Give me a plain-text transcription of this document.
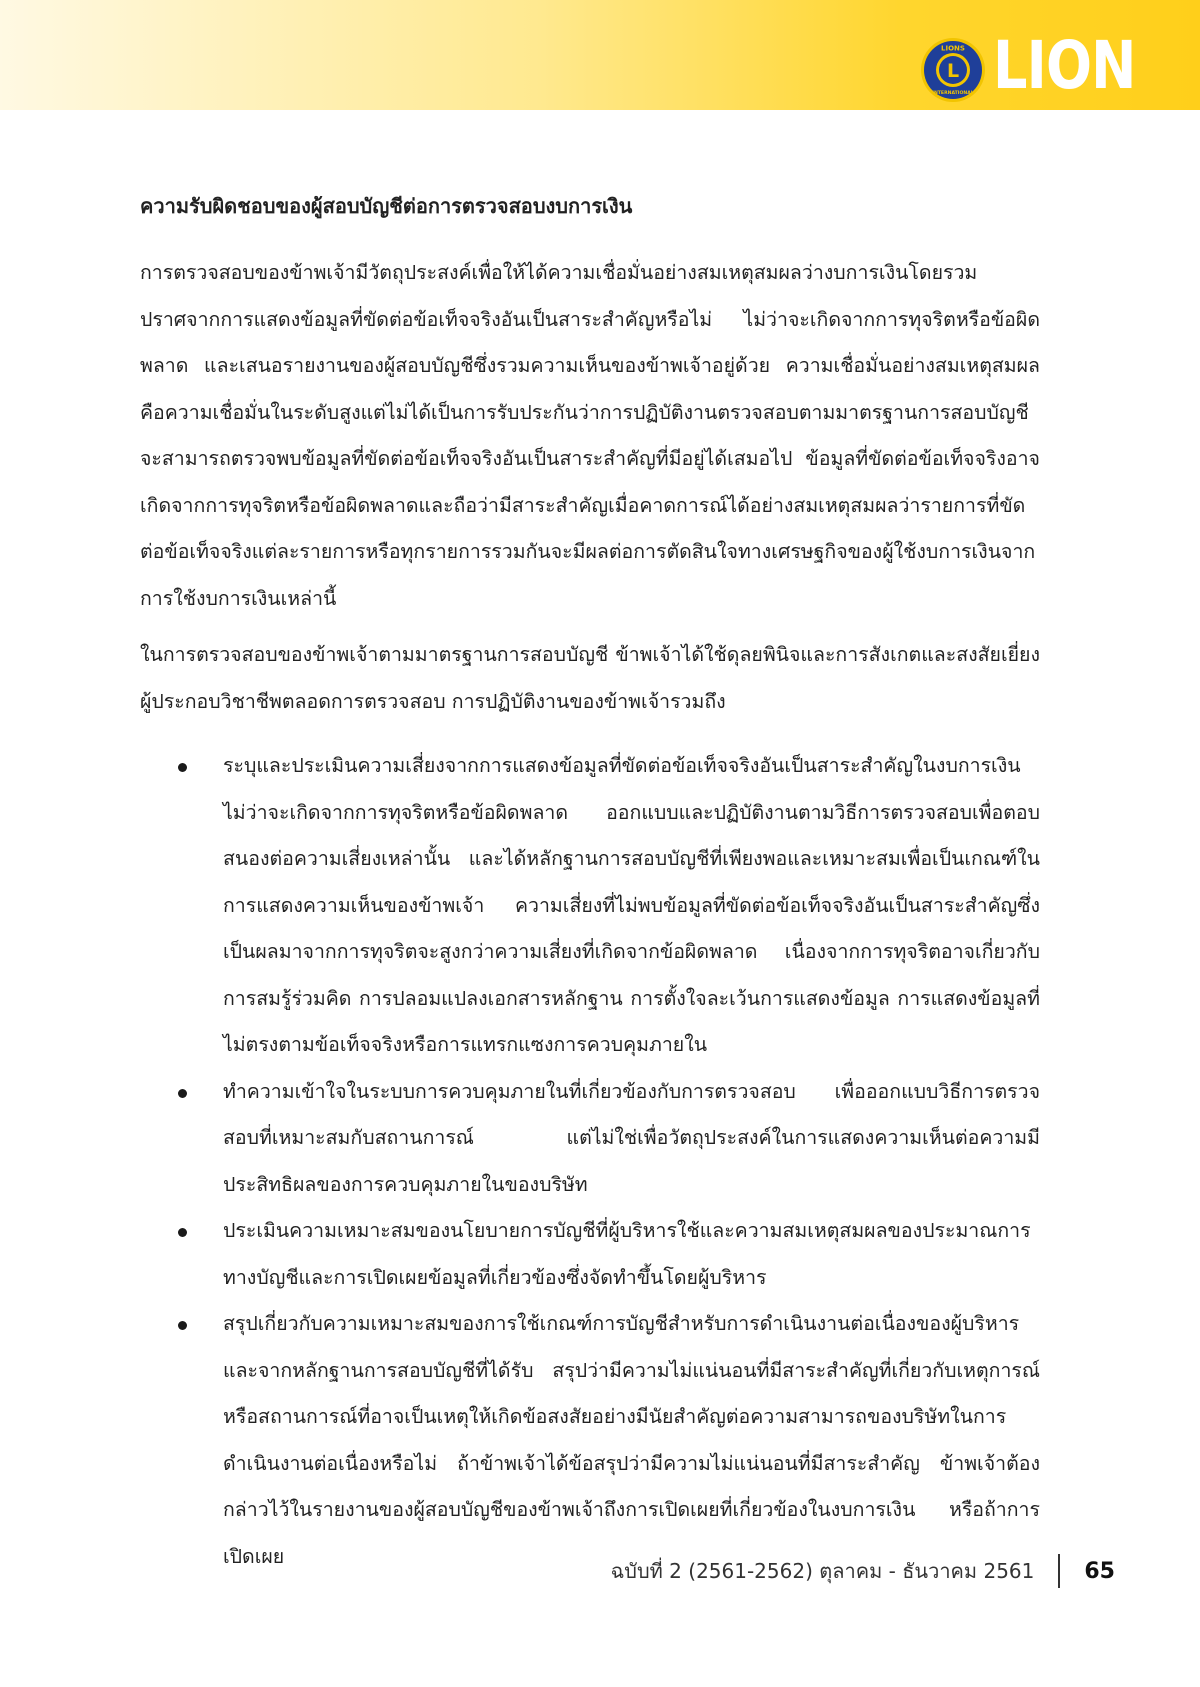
L
LIONS
INTERNATIONAL LION
ความรับผิดชอบของผู้สอบบัญชีต่อการตรวจสอบงบการเงิน

การตรวจสอบของข้าพเจ้ามีวัตถุประสงค์เพื่อให้ได้ความเชื่อมั่นอย่างสมเหตุสมผลว่างบการเงินโดยรวมปราศจากการแสดงข้อมูลที่ขัดต่อข้อเท็จจริงอันเป็นสาระสำคัญหรือไม่ ไม่ว่าจะเกิดจากการทุจริตหรือข้อผิดพลาด และเสนอรายงานของผู้สอบบัญชีซึ่งรวมความเห็นของข้าพเจ้าอยู่ด้วย ความเชื่อมั่นอย่างสมเหตุสมผลคือความเชื่อมั่นในระดับสูงแต่ไม่ได้เป็นการรับประกันว่าการปฏิบัติงานตรวจสอบตามมาตรฐานการสอบบัญชีจะสามารถตรวจพบข้อมูลที่ขัดต่อข้อเท็จจริงอันเป็นสาระสำคัญที่มีอยู่ได้เสมอไป ข้อมูลที่ขัดต่อข้อเท็จจริงอาจเกิดจากการทุจริตหรือข้อผิดพลาดและถือว่ามีสาระสำคัญเมื่อคาดการณ์ได้อย่างสมเหตุสมผลว่ารายการที่ขัดต่อข้อเท็จจริงแต่ละรายการหรือทุกรายการรวมกันจะมีผลต่อการตัดสินใจทางเศรษฐกิจของผู้ใช้งบการเงินจากการใช้งบการเงินเหล่านี้

ในการตรวจสอบของข้าพเจ้าตามมาตรฐานการสอบบัญชี ข้าพเจ้าได้ใช้ดุลยพินิจและการสังเกตและสงสัยเยี่ยงผู้ประกอบวิชาชีพตลอดการตรวจสอบ การปฏิบัติงานของข้าพเจ้ารวมถึง

ระบุและประเมินความเสี่ยงจากการแสดงข้อมูลที่ขัดต่อข้อเท็จจริงอันเป็นสาระสำคัญในงบการเงินไม่ว่าจะเกิดจากการทุจริตหรือข้อผิดพลาด ออกแบบและปฏิบัติงานตามวิธีการตรวจสอบเพื่อตอบสนองต่อความเสี่ยงเหล่านั้น และได้หลักฐานการสอบบัญชีที่เพียงพอและเหมาะสมเพื่อเป็นเกณฑ์ในการแสดงความเห็นของข้าพเจ้า ความเสี่ยงที่ไม่พบข้อมูลที่ขัดต่อข้อเท็จจริงอันเป็นสาระสำคัญซึ่งเป็นผลมาจากการทุจริตจะสูงกว่าความเสี่ยงที่เกิดจากข้อผิดพลาด เนื่องจากการทุจริตอาจเกี่ยวกับการสมรู้ร่วมคิด การปลอมแปลงเอกสารหลักฐาน การตั้งใจละเว้นการแสดงข้อมูล การแสดงข้อมูลที่ไม่ตรงตามข้อเท็จจริงหรือการแทรกแซงการควบคุมภายใน
ทำความเข้าใจในระบบการควบคุมภายในที่เกี่ยวข้องกับการตรวจสอบ เพื่อออกแบบวิธีการตรวจสอบที่เหมาะสมกับสถานการณ์ แต่ไม่ใช่เพื่อวัตถุประสงค์ในการแสดงความเห็นต่อความมีประสิทธิผลของการควบคุมภายในของบริษัท
ประเมินความเหมาะสมของนโยบายการบัญชีที่ผู้บริหารใช้และความสมเหตุสมผลของประมาณการทางบัญชีและการเปิดเผยข้อมูลที่เกี่ยวข้องซึ่งจัดทำขึ้นโดยผู้บริหาร
สรุปเกี่ยวกับความเหมาะสมของการใช้เกณฑ์การบัญชีสำหรับการดำเนินงานต่อเนื่องของผู้บริหารและจากหลักฐานการสอบบัญชีที่ได้รับ สรุปว่ามีความไม่แน่นอนที่มีสาระสำคัญที่เกี่ยวกับเหตุการณ์หรือสถานการณ์ที่อาจเป็นเหตุให้เกิดข้อสงสัยอย่างมีนัยสำคัญต่อความสามารถของบริษัทในการดำเนินงานต่อเนื่องหรือไม่ ถ้าข้าพเจ้าได้ข้อสรุปว่ามีความไม่แน่นอนที่มีสาระสำคัญ ข้าพเจ้าต้องกล่าวไว้ในรายงานของผู้สอบบัญชีของข้าพเจ้าถึงการเปิดเผยที่เกี่ยวข้องในงบการเงิน หรือถ้าการเปิดเผย
ฉบับที่ 2 (2561-2562) ตุลาคม - ธันวาคม 2561 65
